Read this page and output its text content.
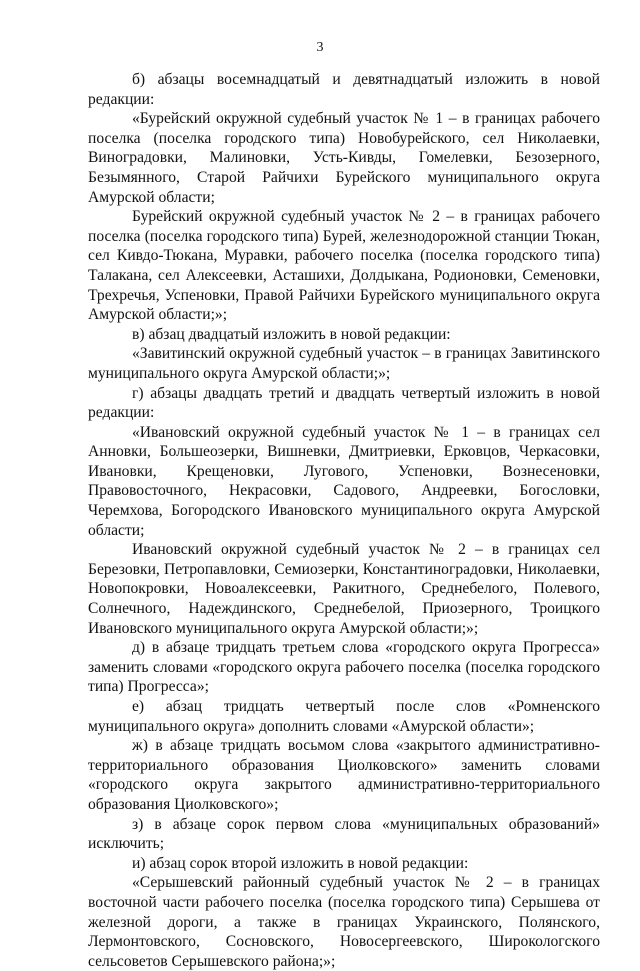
3

б) абзацы восемнадцатый и девятнадцатый изложить в новой редакции:

«Бурейский окружной судебный участок № 1 – в границах рабочего поселка (поселка городского типа) Новобурейского, сел Николаевки, Виноградовки, Малиновки, Усть-Кивды, Гомелевки, Безозерного, Безымянного, Старой Райчихи Бурейского муниципального округа Амурской области;

Бурейский окружной судебный участок № 2 – в границах рабочего поселка (поселка городского типа) Бурей, железнодорожной станции Тюкан, сел Кивдо-Тюкана, Муравки, рабочего поселка (поселка городского типа) Талакана, сел Алексеевки, Асташихи, Долдыкана, Родионовки, Семеновки, Трехречья, Успеновки, Правой Райчихи Бурейского муниципального округа Амурской области;»;

в) абзац двадцатый изложить в новой редакции:

«Завитинский окружной судебный участок – в границах Завитинского муниципального округа Амурской области;»;

г) абзацы двадцать третий и двадцать четвертый изложить в новой редакции:

«Ивановский окружной судебный участок № 1 – в границах сел Анновки, Большеозерки, Вишневки, Дмитриевки, Ерковцов, Черкасовки, Ивановки, Крещеновки, Лугового, Успеновки, Вознесеновки, Правовосточного, Некрасовки, Садового, Андреевки, Богословки, Черемхова, Богородского Ивановского муниципального округа Амурской области;

Ивановский окружной судебный участок № 2 – в границах сел Березовки, Петропавловки, Семиозерки, Константиноградовки, Николаевки, Новопокровки, Новоалексеевки, Ракитного, Среднебелого, Полевого, Солнечного, Надеждинского, Среднебелой, Приозерного, Троицкого Ивановского муниципального округа Амурской области;»;

д) в абзаце тридцать третьем слова «городского округа Прогресса» заменить словами «городского округа рабочего поселка (поселка городского типа) Прогресса»;

е) абзац тридцать четвертый после слов «Ромненского муниципального округа» дополнить словами «Амурской области»;

ж) в абзаце тридцать восьмом слова «закрытого административно-территориального образования Циолковского» заменить словами «городского округа закрытого административно-территориального образования Циолковского»;

з) в абзаце сорок первом слова «муниципальных образований» исключить;

и) абзац сорок второй изложить в новой редакции:

«Серышевский районный судебный участок № 2 – в границах восточной части рабочего поселка (поселка городского типа) Серышева от железной дороги, а также в границах Украинского, Полянского, Лермонтовского, Сосновского, Новосергеевского, Широкологского сельсоветов Серышевского района;»;
